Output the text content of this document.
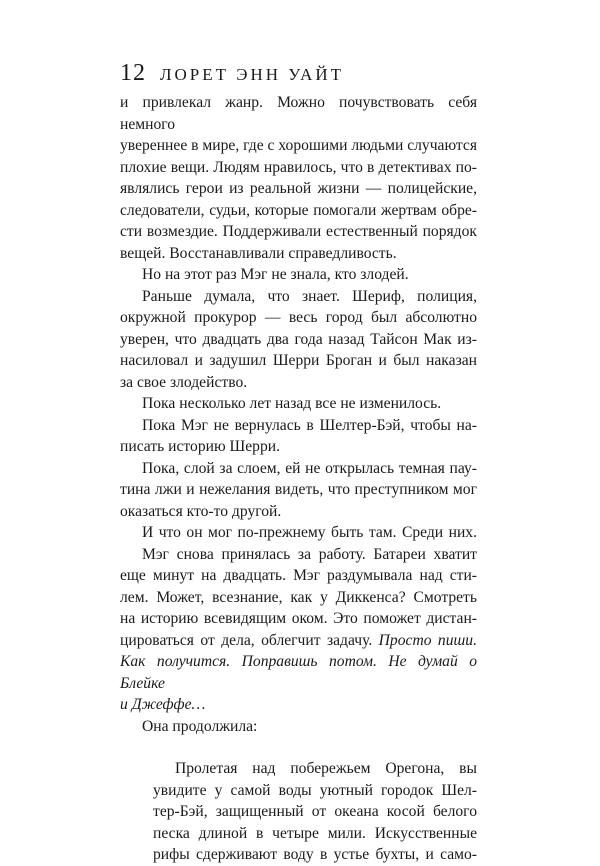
12 ЛОРЕТ ЭНН УАЙТ

и привлекал жанр. Можно почувствовать себя немного

увереннее в мире, где с хорошими людьми случаются

плохие вещи. Людям нравилось, что в детективах по-

являлись герои из реальной жизни — полицейские,

следователи, судьи, которые помогали жертвам обре-

сти возмездие. Поддерживали естественный порядок

вещей. Восстанавливали справедливость.

Но на этот раз Мэг не знала, кто злодей.

Раньше думала, что знает. Шериф, полиция,

окружной прокурор — весь город был абсолютно

уверен, что двадцать два года назад Тайсон Мак из-

насиловал и задушил Шерри Броган и был наказан

за свое злодейство.

Пока несколько лет назад все не изменилось.

Пока Мэг не вернулась в Шелтер-Бэй, чтобы на-

писать историю Шерри.

Пока, слой за слоем, ей не открылась темная пау-

тина лжи и нежелания видеть, что преступником мог

оказаться кто-то другой.

И что он мог по-прежнему быть там. Среди них.

Мэг снова принялась за работу. Батареи хватит

еще минут на двадцать. Мэг раздумывала над сти-

лем. Может, всезнание, как у Диккенса? Смотреть

на историю всевидящим оком. Это поможет дистан-

цироваться от дела, облегчит задачу. Просто пиши.

Как получится. Поправишь потом. Не думай о Блейке

и Джеффе…

Она продолжила:

Пролетая над побережьем Орегона, вы

увидите у самой воды уютный городок Шел-

тер-Бэй, защищенный от океана косой белого

песка длиной в четыре мили. Искусственные

рифы сдерживают воду в устье бухты, и само-
